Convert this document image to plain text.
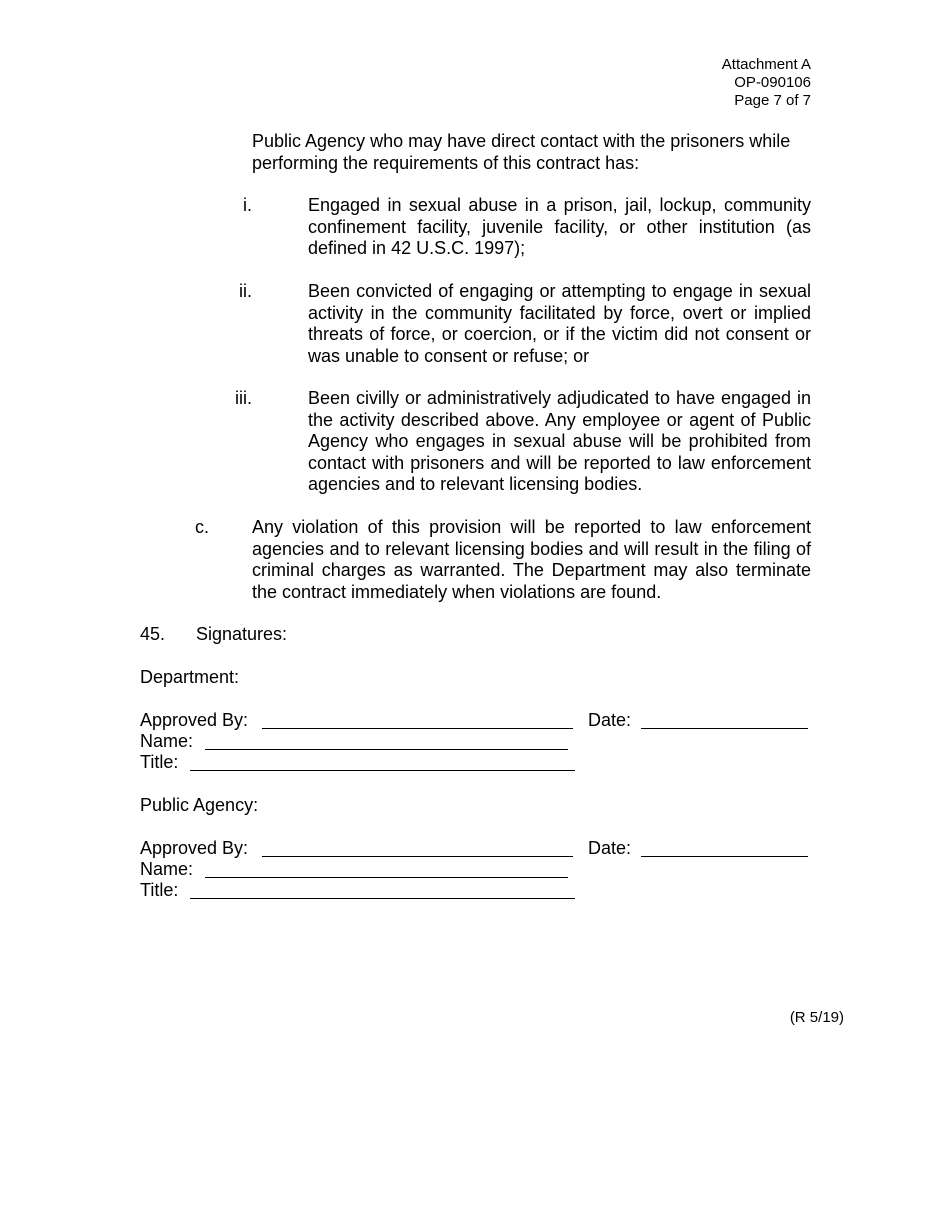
Attachment A
OP-090106
Page 7 of 7
Public Agency who may have direct contact with the prisoners while performing the requirements of this contract has:
i.	Engaged in sexual abuse in a prison, jail, lockup, community confinement facility, juvenile facility, or other institution (as defined in 42 U.S.C. 1997);
ii.	Been convicted of engaging or attempting to engage in sexual activity in the community facilitated by force, overt or implied threats of force, or coercion, or if the victim did not consent or was unable to consent or refuse; or
iii.	Been civilly or administratively adjudicated to have engaged in the activity described above. Any employee or agent of Public Agency who engages in sexual abuse will be prohibited from contact with prisoners and will be reported to law enforcement agencies and to relevant licensing bodies.
c.	Any violation of this provision will be reported to law enforcement agencies and to relevant licensing bodies and will result in the filing of criminal charges as warranted. The Department may also terminate the contract immediately when violations are found.
45. Signatures:
Department:
Approved By:	Date:
Name:
Title:
Public Agency:
Approved By:	Date:
Name:
Title:
(R 5/19)
